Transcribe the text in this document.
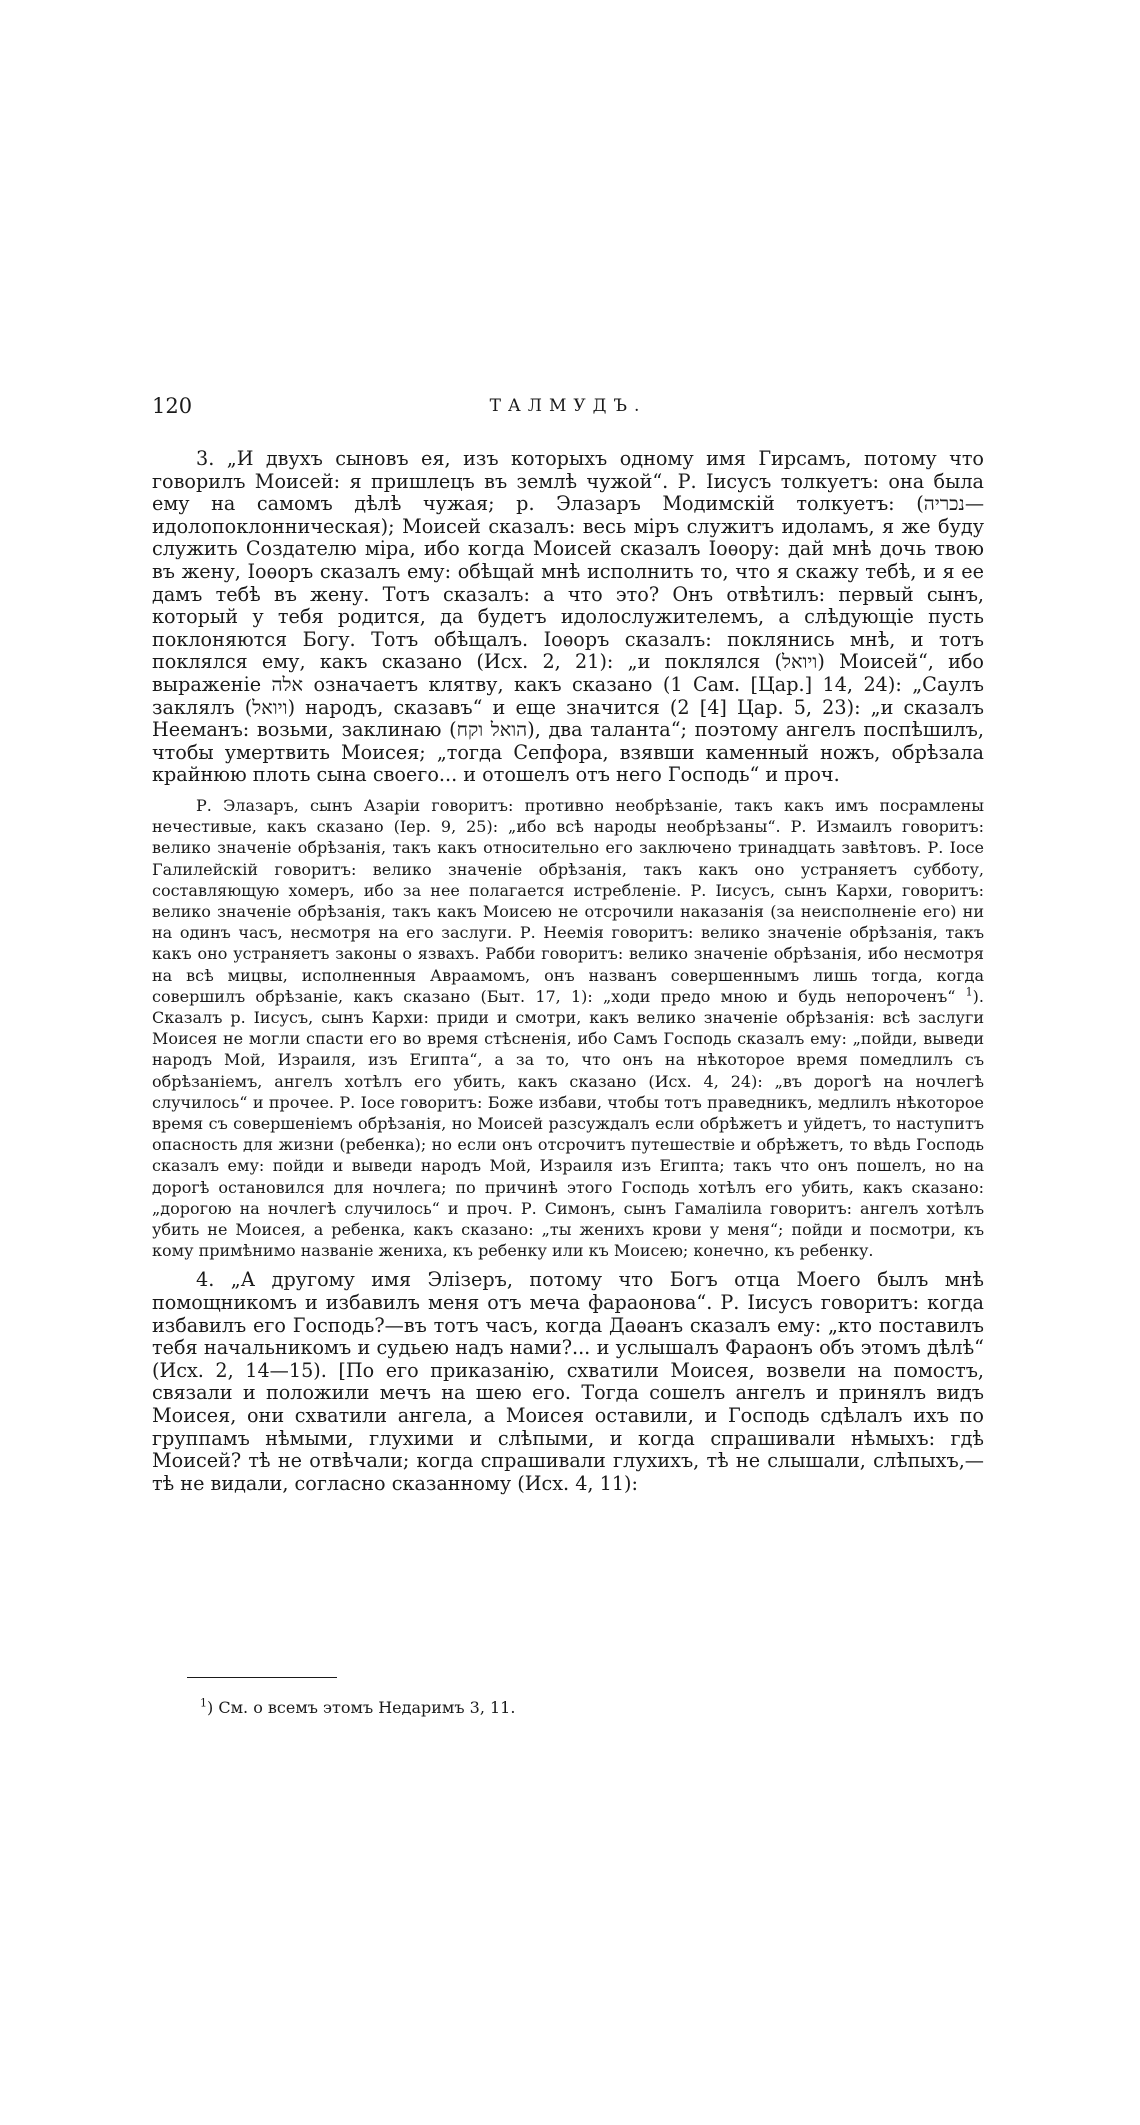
120	ТАЛМУДЪ.

3. „И двухъ сыновъ ея, изъ которыхъ одному имя Гирсамъ, потому что говорилъ Моисей: я пришлецъ въ землѣ чужой“. Р. Іисусъ толкуетъ: она была ему на самомъ дѣлѣ чужая; р. Элазаръ Модимскій толкуетъ: (נכריה—идолопоклонническая); Моисей сказалъ: весь міръ служитъ идоламъ, я же буду служить Создателю міра, ибо когда Моисей сказалъ Іоѳору: дай мнѣ дочь твою въ жену, Іоѳоръ сказалъ ему: обѣщай мнѣ исполнить то, что я скажу тебѣ, и я ее дамъ тебѣ въ жену. Тотъ сказалъ: а что это? Онъ отвѣтилъ: первый сынъ, который у тебя родится, да будетъ идолослужителемъ, а слѣдующіе пусть поклоняются Богу. Тотъ обѣщалъ. Іоѳоръ сказалъ: поклянись мнѣ, и тотъ поклялся ему, какъ сказано (Исх. 2, 21): „и поклялся (ויואל) Моисей“, ибо выраженіе אלה означаетъ клятву, какъ сказано (1 Сам. [Цар.] 14, 24): „Саулъ заклялъ (ויואל) народъ, сказавъ“ и еще значится (2 [4] Цар. 5, 23): „и сказалъ Нееманъ: возьми, заклинаю (הואל וקח), два таланта“; поэтому ангелъ поспѣшилъ, чтобы умертвить Моисея; „тогда Сепфора, взявши каменный ножъ, обрѣзала крайнюю плоть сына своего... и отошелъ отъ него Господь“ и проч.

Р. Элазаръ, сынъ Азаріи говоритъ: противно необрѣзаніе, такъ какъ имъ посрамлены нечестивые, какъ сказано (Іер. 9, 25): „ибо всѣ народы необрѣзаны“. Р. Измаилъ говоритъ: велико значеніе обрѣзанія, такъ какъ относительно его заключено тринадцать завѣтовъ. Р. Іосе Галилейскій говоритъ: велико значеніе обрѣзанія, такъ какъ оно устраняетъ субботу, составляющую хомеръ, ибо за нее полагается истребленіе. Р. Іисусъ, сынъ Кархи, говоритъ: велико значеніе обрѣзанія, такъ какъ Моисею не отсрочили наказанія (за неисполненіе его) ни на одинъ часъ, несмотря на его заслуги. Р. Неемія говоритъ: велико значеніе обрѣзанія, такъ какъ оно устраняетъ законы о язвахъ. Рабби говоритъ: велико значеніе обрѣзанія, ибо несмотря на всѣ мицвы, исполненныя Авраамомъ, онъ названъ совершеннымъ лишь тогда, когда совершилъ обрѣзаніе, какъ сказано (Быт. 17, 1): „ходи предо мною и будь непороченъ“ $^1$). Сказалъ р. Іисусъ, сынъ Кархи: приди и смотри, какъ велико значеніе обрѣзанія: всѣ заслуги Моисея не могли спасти его во время стѣсненія, ибо Самъ Господь сказалъ ему: „пойди, выведи народъ Мой, Израиля, изъ Египта“, а за то, что онъ на нѣкоторое время помедлилъ съ обрѣзаніемъ, ангелъ хотѣлъ его убить, какъ сказано (Исх. 4, 24): „въ дорогѣ на ночлегѣ случилось“ и прочее. Р. Іосе говоритъ: Боже избави, чтобы тотъ праведникъ, медлилъ нѣкоторое время съ совершеніемъ обрѣзанія, но Моисей разсуждалъ если обрѣжетъ и уйдетъ, то наступитъ опасность для жизни (ребенка); но если онъ отсрочитъ путешествіе и обрѣжетъ, то вѣдь Господь сказалъ ему: пойди и выведи народъ Мой, Израиля изъ Египта; такъ что онъ пошелъ, но на дорогѣ остановился для ночлега; по причинѣ этого Господь хотѣлъ его убить, какъ сказано: „дорогою на ночлегѣ случилось“ и проч. Р. Симонъ, сынъ Гамаліила говоритъ: ангелъ хотѣлъ убить не Моисея, а ребенка, какъ сказано: „ты женихъ крови у меня“; пойди и посмотри, къ кому примѣнимо названіе жениха, къ ребенку или къ Моисею; конечно, къ ребенку.

4. „А другому имя Элізеръ, потому что Богъ отца Моего былъ мнѣ помощникомъ и избавилъ меня отъ меча фараонова“. Р. Іисусъ говоритъ: когда избавилъ его Господь?—въ тотъ часъ, когда Даѳанъ сказалъ ему: „кто поставилъ тебя начальникомъ и судьею надъ нами?... и услышалъ Фараонъ объ этомъ дѣлѣ“ (Исх. 2, 14—15). [По его приказанію, схватили Моисея, возвели на помостъ, связали и положили мечъ на шею его. Тогда сошелъ ангелъ и принялъ видъ Моисея, они схватили ангела, а Моисея оставили, и Господь сдѣлалъ ихъ по группамъ нѣмыми, глухими и слѣпыми, и когда спрашивали нѣмыхъ: гдѣ Моисей? тѣ не отвѣчали; когда спрашивали глухихъ, тѣ не слышали, слѣпыхъ,—тѣ не видали, согласно сказанному (Исх. 4, 11):

$^1$) См. о всемъ этомъ Недаримъ 3, 11.
